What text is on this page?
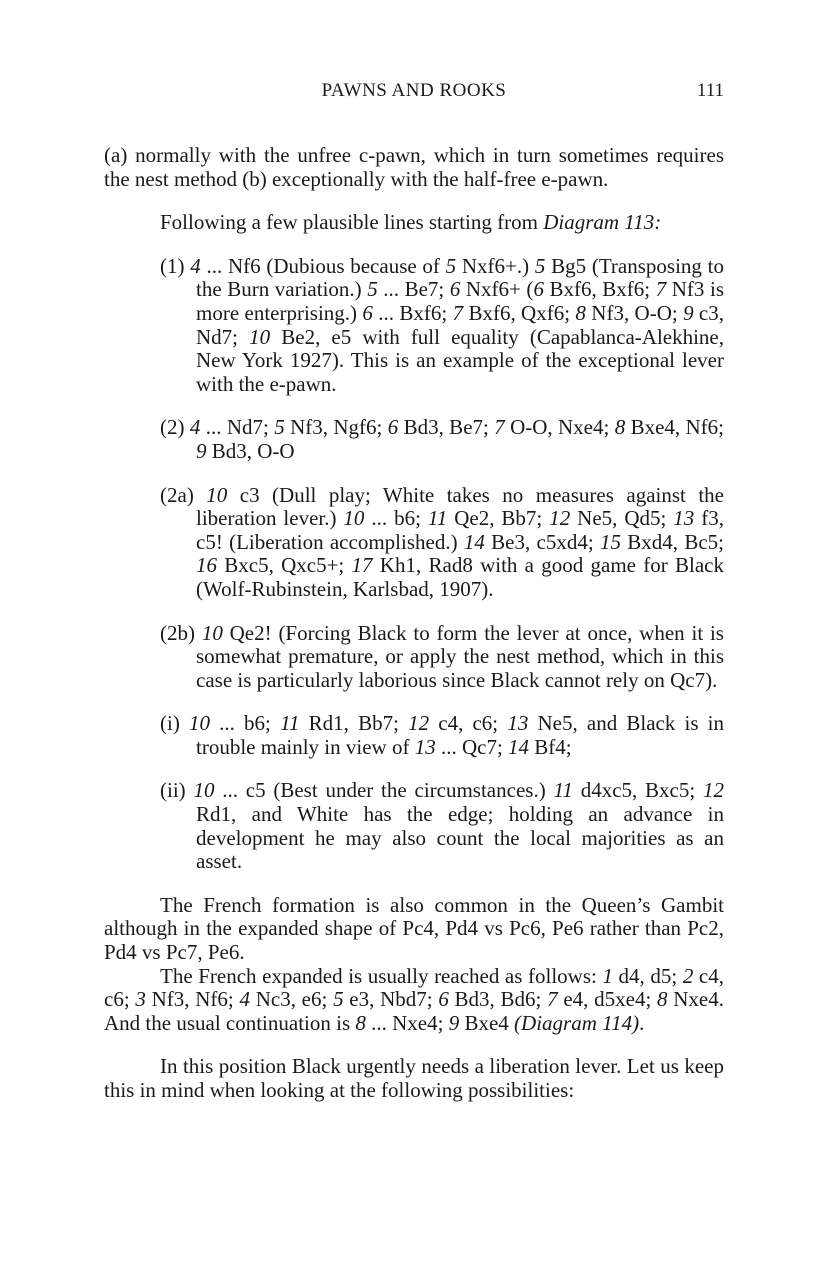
PAWNS AND ROOKS	111

(a) normally with the unfree c-pawn, which in turn sometimes requires the nest method (b) exceptionally with the half-free e-pawn.

Following a few plausible lines starting from Diagram 113:

(1) 4 ... Nf6 (Dubious because of 5 Nxf6+.) 5 Bg5 (Transposing to the Burn variation.) 5 ... Be7; 6 Nxf6+ (6 Bxf6, Bxf6; 7 Nf3 is more enterprising.) 6 ... Bxf6; 7 Bxf6, Qxf6; 8 Nf3, O-O; 9 c3, Nd7; 10 Be2, e5 with full equality (Capablanca-Alekhine, New York 1927). This is an example of the exceptional lever with the e-pawn.

(2) 4 ... Nd7; 5 Nf3, Ngf6; 6 Bd3, Be7; 7 O-O, Nxe4; 8 Bxe4, Nf6; 9 Bd3, O-O

(2a) 10 c3 (Dull play; White takes no measures against the liberation lever.) 10 ... b6; 11 Qe2, Bb7; 12 Ne5, Qd5; 13 f3, c5! (Liberation accomplished.) 14 Be3, c5xd4; 15 Bxd4, Bc5; 16 Bxc5, Qxc5+; 17 Kh1, Rad8 with a good game for Black (Wolf-Rubinstein, Karlsbad, 1907).

(2b) 10 Qe2! (Forcing Black to form the lever at once, when it is somewhat premature, or apply the nest method, which in this case is particularly laborious since Black cannot rely on Qc7).

(i) 10 ... b6; 11 Rd1, Bb7; 12 c4, c6; 13 Ne5, and Black is in trouble mainly in view of 13 ... Qc7; 14 Bf4;

(ii) 10 ... c5 (Best under the circumstances.) 11 d4xc5, Bxc5; 12 Rd1, and White has the edge; holding an advance in development he may also count the local majorities as an asset.

The French formation is also common in the Queen’s Gambit although in the expanded shape of Pc4, Pd4 vs Pc6, Pe6 rather than Pc2, Pd4 vs Pc7, Pe6.

The French expanded is usually reached as follows: 1 d4, d5; 2 c4, c6; 3 Nf3, Nf6; 4 Nc3, e6; 5 e3, Nbd7; 6 Bd3, Bd6; 7 e4, d5xe4; 8 Nxe4. And the usual continuation is 8 ... Nxe4; 9 Bxe4 (Diagram 114).

In this position Black urgently needs a liberation lever. Let us keep this in mind when looking at the following possibilities:
